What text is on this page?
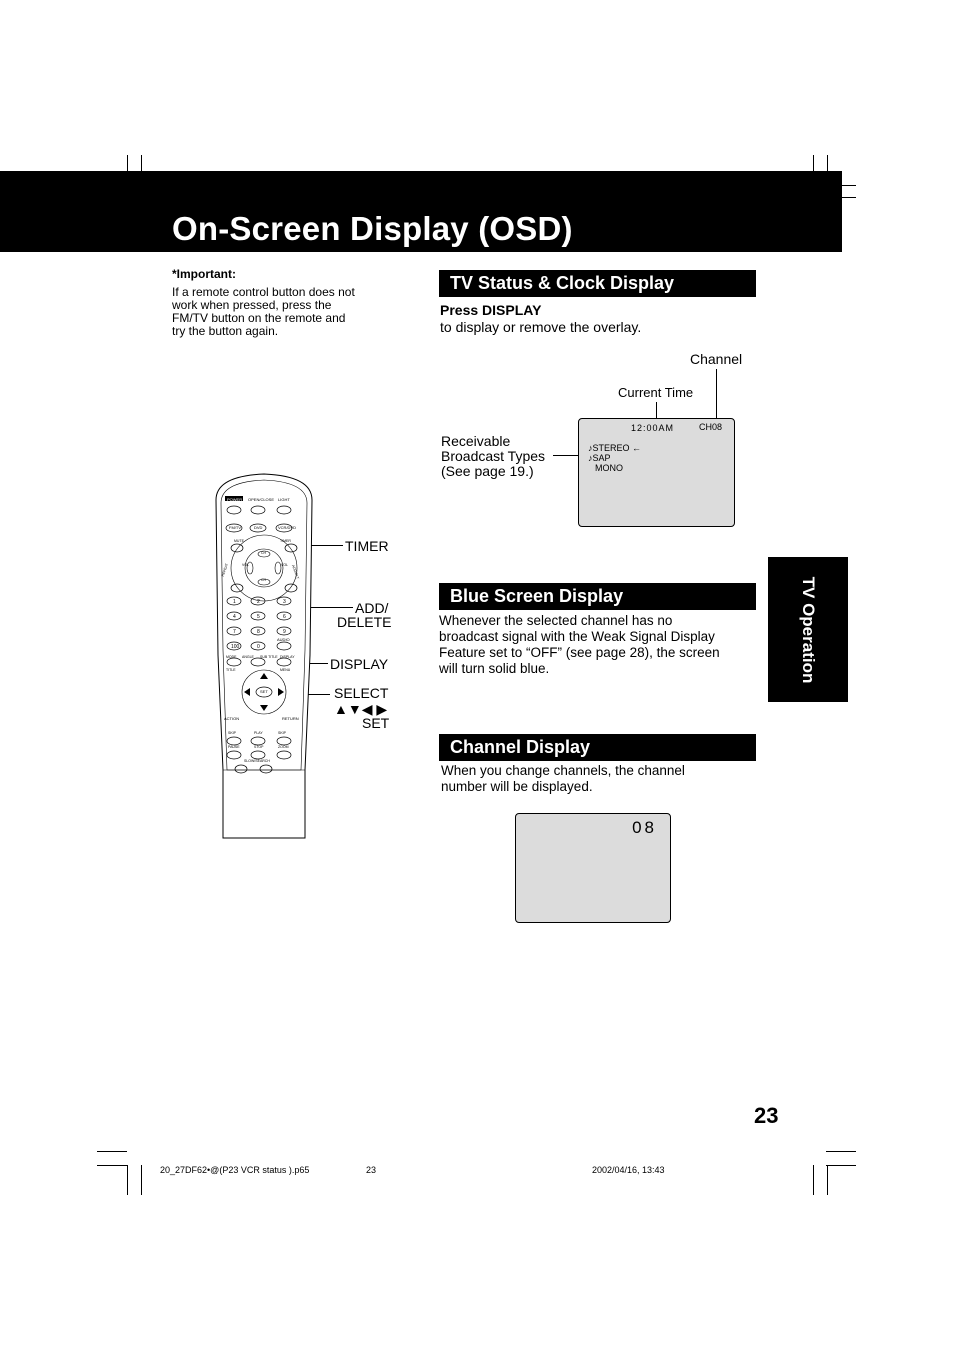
On-Screen Display (OSD)
*Important:
If a remote control button does not
work when pressed, press the
FM/TV button on the remote and
try the button again.
TV Status & Clock Display
Press DISPLAY
to display or remove the overlay.
Channel
Current Time
Receivable
Broadcast Types
(See page 19.)
12:00AM	CH08
♪STEREO ←
♪SAP
MONO
Blue Screen Display
Whenever the selected channel has no
broadcast signal with the Weak Signal Display
Feature set to “OFF” (see page 28), the screen
will turn solid blue.
Channel Display
When you change channels, the channel
number will be displayed.
08
TV Operation
TIMER
ADD/
DELETE
DISPLAY
SELECT
▲▼◀ ▶
SET
POWER OPEN/CLOSE LIGHT
FM/TV	DVD	VCR/DVD
1	2	3
4	5	6
7	8	9
100	0
AUDIO
MODE ANGLE SUB TITLE DISPLAY
TITLE	MENU
SET
ACTION	RETURN
SKIP	PLAY	SKIP
PAUSE	STOP	ZOOM
SLOW/SEARCH
MUTE	TIMER
CH
VOL	VOL
CH
ADD/DLT
REPEAT
23
20_27DF62•@(P23 VCR status ).p65	23	2002/04/16, 13:43
